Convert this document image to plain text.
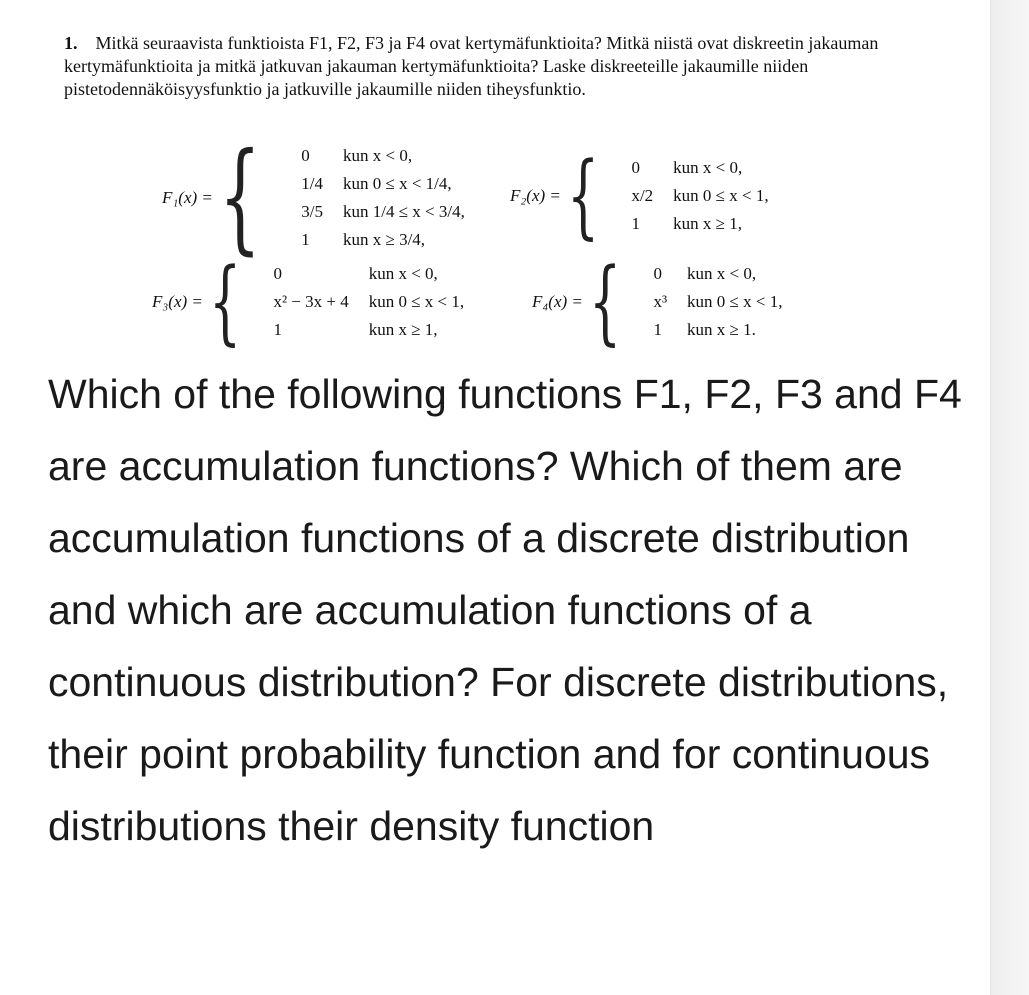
1. Mitkä seuraavista funktioista F1, F2, F3 ja F4 ovat kertymäfunktioita? Mitkä niistä ovat diskreetin jakauman kertymäfunktioita ja mitkä jatkuvan jakauman kertymäfunktioita? Laske diskreeteille jakaumille niiden pistetodennäköisyysfunktio ja jatkuville jakaumille niiden tiheysfunktio.
F₁(x) = { 0	kun x < 0,
1/4	kun 0 ≤ x < 1/4,
3/5	kun 1/4 ≤ x < 3/4,
1	kun x ≥ 3/4,
F₂(x) = { 0	kun x < 0,
x/2	kun 0 ≤ x < 1,
1	kun x ≥ 1,
F₃(x) = { 0	kun x < 0,
x² − 3x + 4	kun 0 ≤ x < 1,
1	kun x ≥ 1,
F₄(x) = { 0	kun x < 0,
x³	kun 0 ≤ x < 1,
1	kun x ≥ 1.
Which of the following functions F1, F2, F3 and F4 are accumulation functions? Which of them are accumulation functions of a discrete distribution and which are accumulation functions of a continuous distribution? For discrete distributions, their point probability function and for continuous distributions their density function
